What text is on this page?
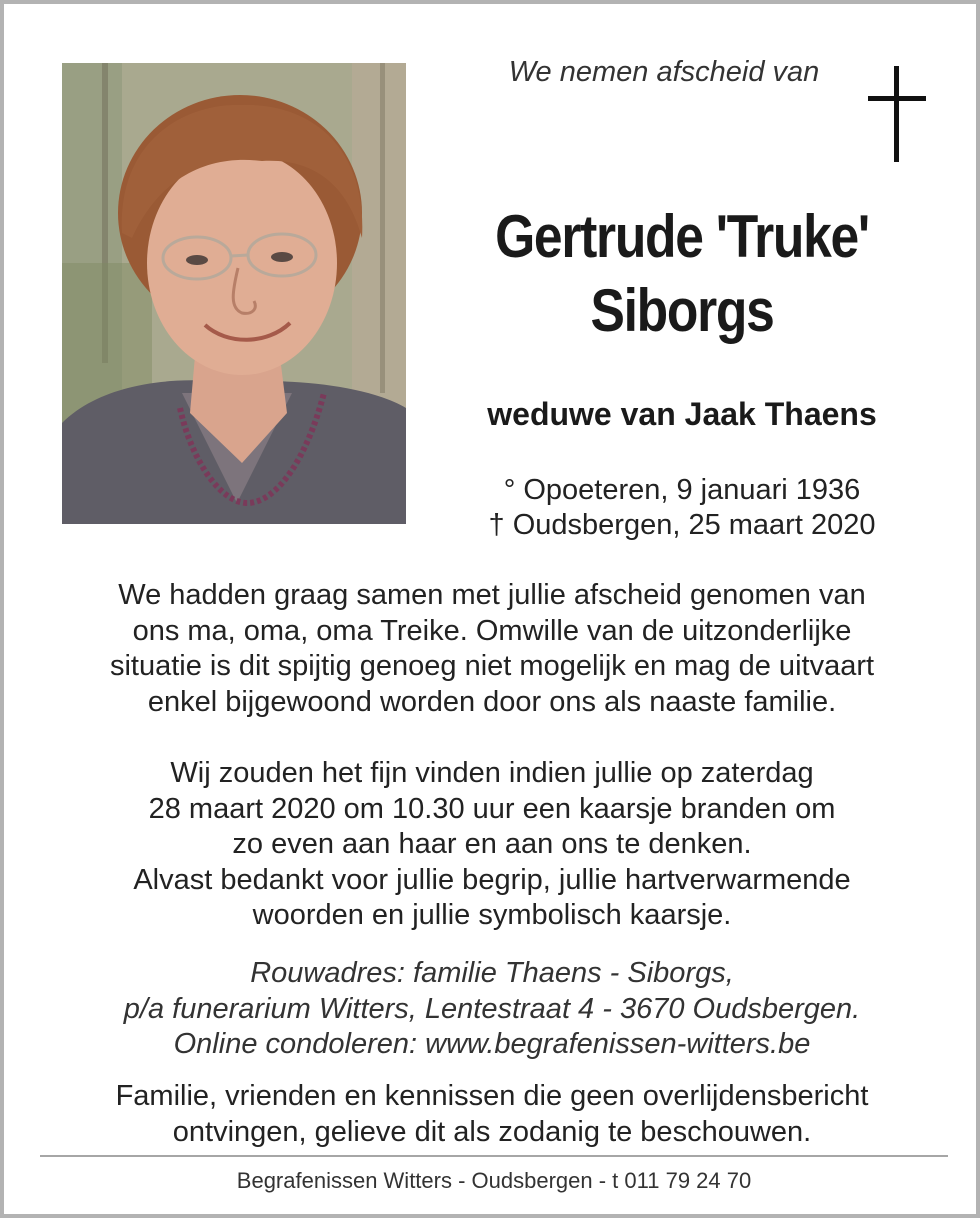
We nemen afscheid van
Gertrude 'Truke'
Siborgs
weduwe van Jaak Thaens
° Opoeteren, 9 januari 1936
† Oudsbergen, 25 maart 2020
We hadden graag samen met jullie afscheid genomen van
ons ma, oma, oma Treike. Omwille van de uitzonderlijke
situatie is dit spijtig genoeg niet mogelijk en mag de uitvaart
enkel bijgewoond worden door ons als naaste familie.
Wij zouden het fijn vinden indien jullie op zaterdag
28 maart 2020 om 10.30 uur een kaarsje branden om
zo even aan haar en aan ons te denken.
Alvast bedankt voor jullie begrip, jullie hartverwarmende
woorden en jullie symbolisch kaarsje.
Rouwadres: familie Thaens - Siborgs,
p/a funerarium Witters, Lentestraat 4 - 3670 Oudsbergen.
Online condoleren: www.begrafenissen-witters.be
Familie, vrienden en kennissen die geen overlijdensbericht
ontvingen, gelieve dit als zodanig te beschouwen.
Begrafenissen Witters - Oudsbergen - t 011 79 24 70
